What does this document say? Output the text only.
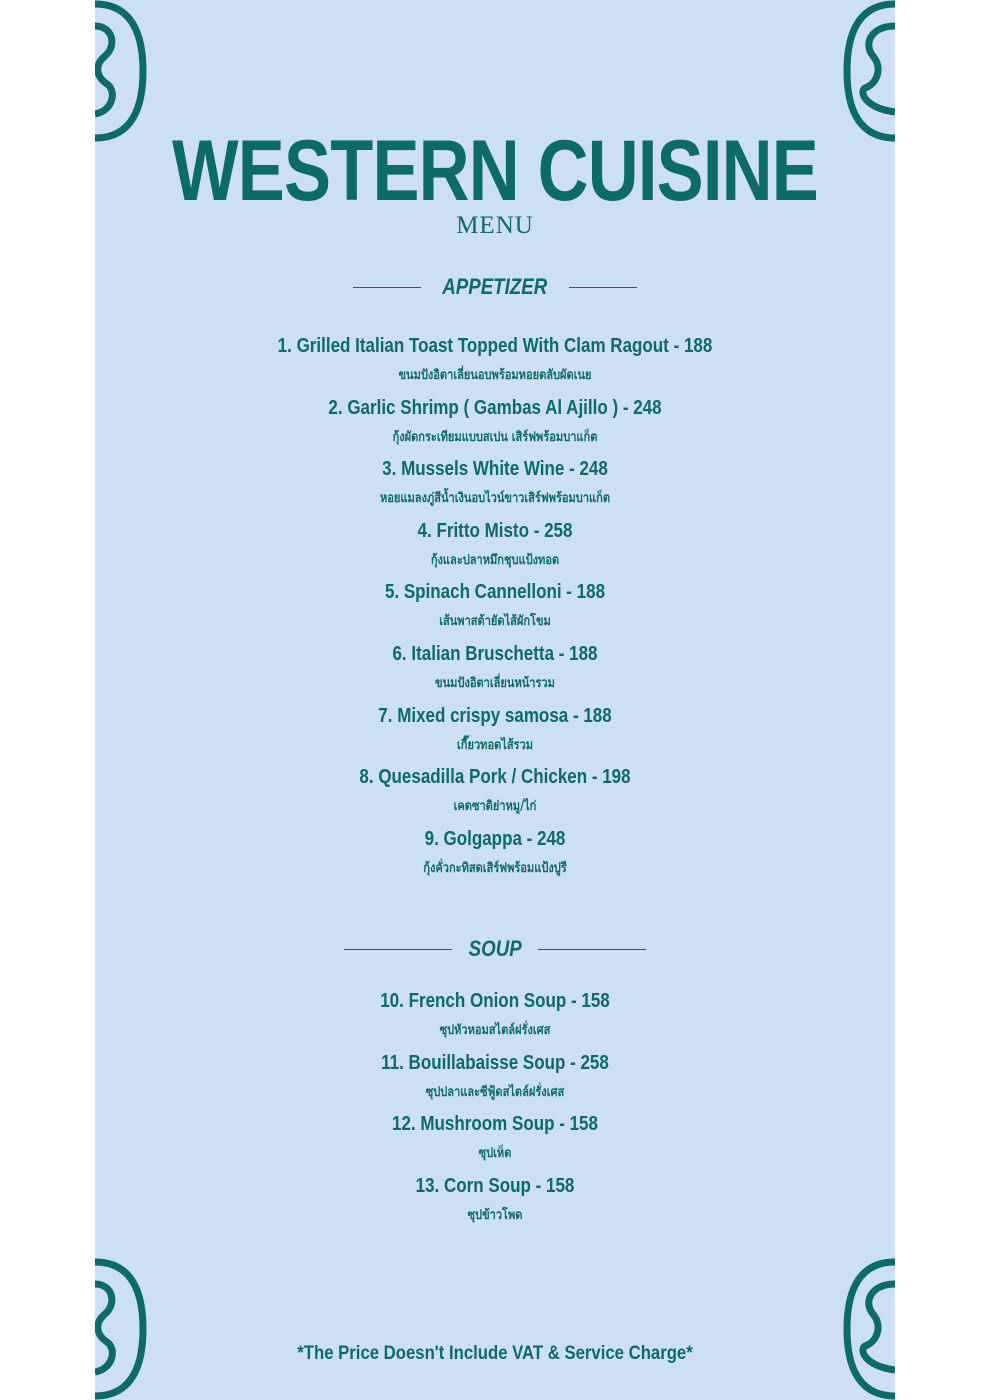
WESTERN CUISINE
MENU
APPETIZER
1. Grilled Italian Toast Topped With Clam Ragout - 188
ขนมปังอิตาเลี่ยนอบพร้อมหอยตลับผัดเนย
2. Garlic Shrimp ( Gambas Al Ajillo ) - 248
กุ้งผัดกระเทียมแบบสเปน เสิร์ฟพร้อมบาแก็ต
3. Mussels White Wine - 248
หอยแมลงภู่สีน้ำเงินอบไวน์ขาวเสิร์ฟพร้อมบาแก็ต
4. Fritto Misto - 258
กุ้งและปลาหมึกชุบแป้งทอด
5. Spinach Cannelloni - 188
เส้นพาสต้ายัดไส้ผักโขม
6. Italian Bruschetta - 188
ขนมปังอิตาเลี่ยนหน้ารวม
7. Mixed crispy samosa - 188
เกี๊ยวทอดไส้รวม
8. Quesadilla Pork / Chicken - 198
เคดซาดิย่าหมู/ไก่
9. Golgappa - 248
กุ้งคั่วกะทิสดเสิร์ฟพร้อมแป้งปูรี
SOUP
10. French Onion Soup - 158
ซุปหัวหอมสไตล์ฝรั่งเศส
11. Bouillabaisse Soup - 258
ซุปปลาและซีฟู้ดสไตล์ฝรั่งเศส
12. Mushroom Soup - 158
ซุปเห็ด
13. Corn Soup - 158
ซุปข้าวโพด
*The Price Doesn't Include VAT & Service Charge*
